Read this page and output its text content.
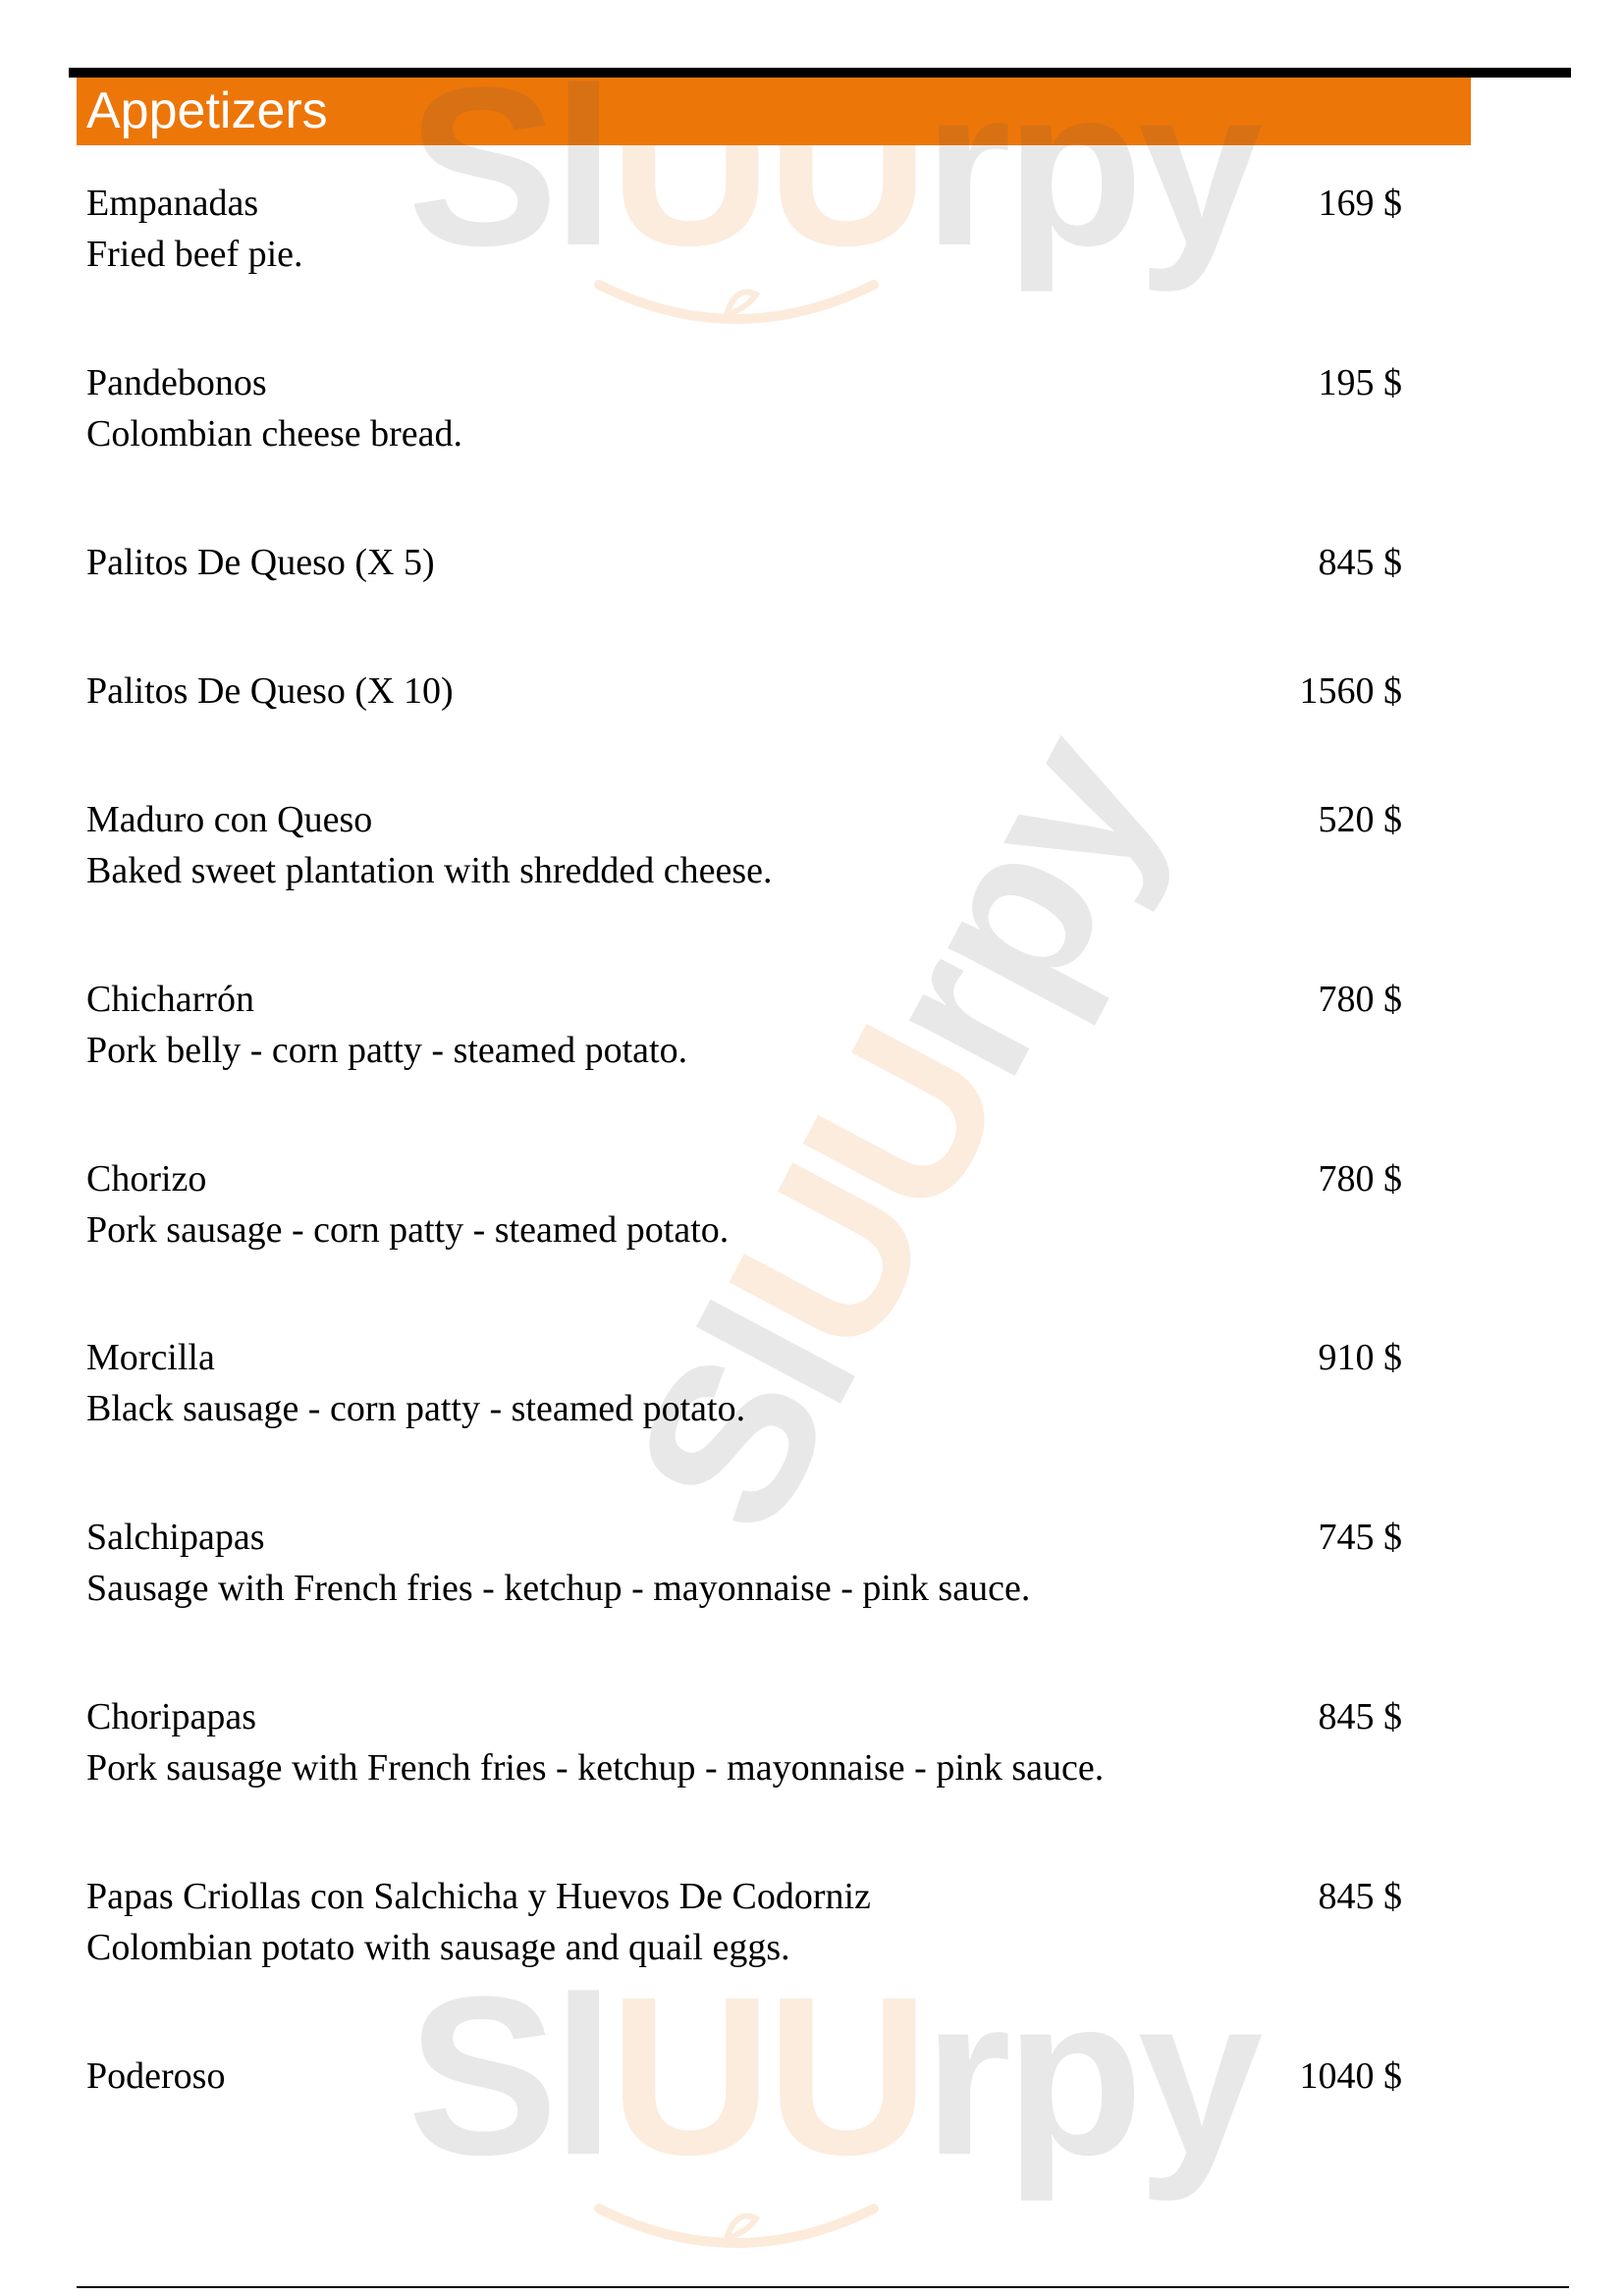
Appetizers SlUUrpy
SlUUrpy
SlUUrpy
Empanadas	169 $
Fried beef pie.
Pandebonos	195 $
Colombian cheese bread.
Palitos De Queso (X 5)	845 $
Palitos De Queso (X 10)	1560 $
Maduro con Queso	520 $
Baked sweet plantation with shredded cheese.
Chicharrón	780 $
Pork belly - corn patty - steamed potato.
Chorizo	780 $
Pork sausage - corn patty - steamed potato.
Morcilla	910 $
Black sausage - corn patty - steamed potato.
Salchipapas	745 $
Sausage with French fries - ketchup - mayonnaise - pink sauce.
Choripapas	845 $
Pork sausage with French fries - ketchup - mayonnaise - pink sauce.
Papas Criollas con Salchicha y Huevos De Codorniz	845 $
Colombian potato with sausage and quail eggs.
Poderoso	1040 $
